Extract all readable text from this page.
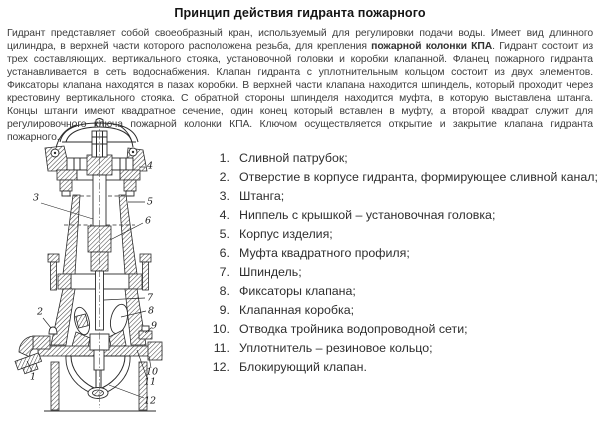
Принцип действия гидранта пожарного
Гидрант представляет собой своеобразный кран, используемый для регулировки подачи воды. Имеет вид длинного цилиндра, в верхней части которого расположена резьба, для крепления пожарной колонки КПА. Гидрант состоит из трех составляющих. вертикального стояка, установочной головки и коробки клапанной. Фланец пожарного гидранта устанавливается в сеть водоснабжения. Клапан гидранта с уплотнительным кольцом состоит из двух элементов. Фиксаторы клапана находятся в пазах коробки. В верхней части клапана находится шпиндель, который проходит через крестовину вертикального стояка. С обратной стороны шпинделя находится муфта, в которую выставлена штанга. Концы штанги имеют квадратное сечение, один конец который вставлен в муфту, а второй квадрат служит для регулировочного ключа пожарной колонки КПА. Ключом осуществляется открытие и закрытие клапана гидранта пожарного.
1
2
3
4
5
6
7
8
9
10
11
12
1. Сливной патрубок;
2. Отверстие в корпусе гидранта, формирующее сливной канал;
3. Штанга;
4. Ниппель с крышкой – установочная головка;
5. Корпус изделия;
6. Муфта квадратного профиля;
7. Шпиндель;
8. Фиксаторы клапана;
9. Клапанная коробка;
10. Отводка тройника водопроводной сети;
11. Уплотнитель – резиновое кольцо;
12. Блокирующий клапан.
